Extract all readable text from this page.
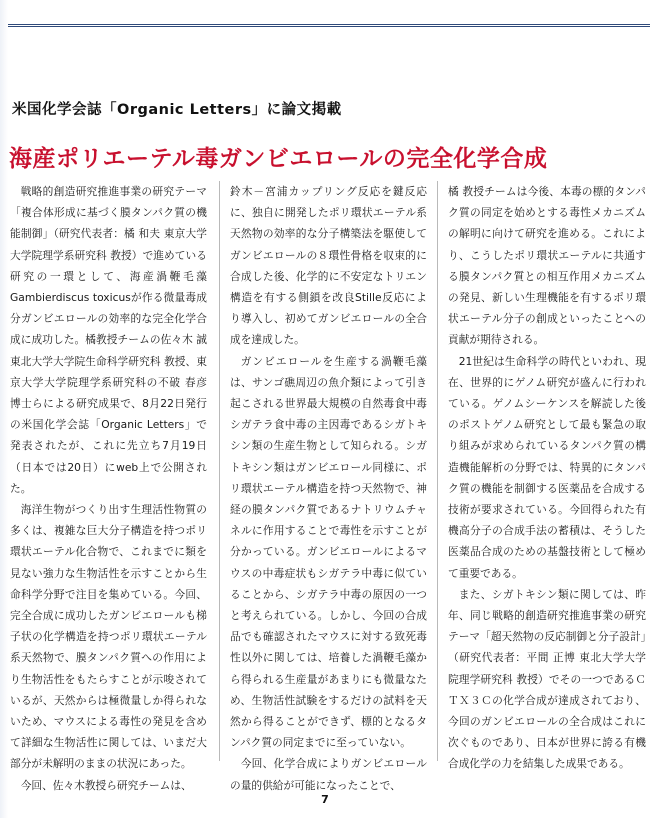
米国化学会誌「Organic Letters」に論文掲載
海産ポリエーテル毒ガンビエロールの完全化学合成

戦略的創造研究推進事業の研究テーマ「複合体形成に基づく膜タンパク質の機能制御」（研究代表者：橘 和夫 東京大学大学院理学系研究科 教授）で進めている研究の一環として、海産渦鞭毛藻Gambierdiscus toxicusが作る微量毒成分ガンビエロールの効率的な完全化学合成に成功した。橘教授チームの佐々木 誠 東北大学大学院生命科学研究科 教授、東京大学大学院理学系研究科の不破 春彦 博士らによる研究成果で、8月22日発行の米国化学会誌「Organic Letters」で発表されたが、これに先立ち7月19日（日本では20日）にweb上で公開された。

海洋生物がつくり出す生理活性物質の多くは、複雑な巨大分子構造を持つポリ環状エーテル化合物で、これまでに類を見ない強力な生物活性を示すことから生命科学分野で注目を集めている。今回、完全合成に成功したガンビエロールも梯子状の化学構造を持つポリ環状エーテル系天然物で、膜タンパク質への作用により生物活性をもたらすことが示唆されているが、天然からは極微量しか得られないため、マウスによる毒性の発見を含めて詳細な生物活性に関しては、いまだ大部分が未解明のままの状況にあった。

今回、佐々木教授ら研究チームは、

鈴木－宮浦カップリング反応を鍵反応に、独自に開発したポリ環状エーテル系天然物の効率的な分子構築法を駆使してガンビエロールの８環性骨格を収束的に合成した後、化学的に不安定なトリエン構造を有する側鎖を改良Stille反応により導入し、初めてガンビエロールの全合成を達成した。

ガンビエロールを生産する渦鞭毛藻は、サンゴ礁周辺の魚介類によって引き起こされる世界最大規模の自然毒食中毒シガテラ食中毒の主因毒であるシガトキシン類の生産生物として知られる。シガトキシン類はガンビエロール同様に、ポリ環状エーテル構造を持つ天然物で、神経の膜タンパク質であるナトリウムチャネルに作用することで毒性を示すことが分かっている。ガンビエロールによるマウスの中毒症状もシガテラ中毒に似ていることから、シガテラ中毒の原因の一つと考えられている。しかし、今回の合成品でも確認されたマウスに対する致死毒性以外に関しては、培養した渦鞭毛藻から得られる生産量があまりにも微量なため、生物活性試験をするだけの試料を天然から得ることができず、標的となるタンパク質の同定までに至っていない。

今回、化学合成によりガンビエロールの量的供給が可能になったことで、

橘 教授チームは今後、本毒の標的タンパク質の同定を始めとする毒性メカニズムの解明に向けて研究を進める。これにより、こうしたポリ環状エーテルに共通する膜タンパク質との相互作用メカニズムの発見、新しい生理機能を有するポリ環状エーテル分子の創成といったことへの貢献が期待される。

21世紀は生命科学の時代といわれ、現在、世界的にゲノム研究が盛んに行われている。ゲノムシーケンスを解読した後のポストゲノム研究として最も緊急の取り組みが求められているタンパク質の構造機能解析の分野では、特異的にタンパク質の機能を制御する医薬品を合成する技術が要求されている。今回得られた有機高分子の合成手法の蓄積は、そうした医薬品合成のための基盤技術として極めて重要である。

また、シガトキシン類に関しては、昨年、同じ戦略的創造研究推進事業の研究テーマ「超天然物の反応制御と分子設計」（研究代表者：平間 正博 東北大学大学院理学研究科 教授）でその一つであるＣＴＸ３Ｃの化学合成が達成されており、今回のガンビエロールの全合成はこれに次ぐものであり、日本が世界に誇る有機合成化学の力を結集した成果である。

7
